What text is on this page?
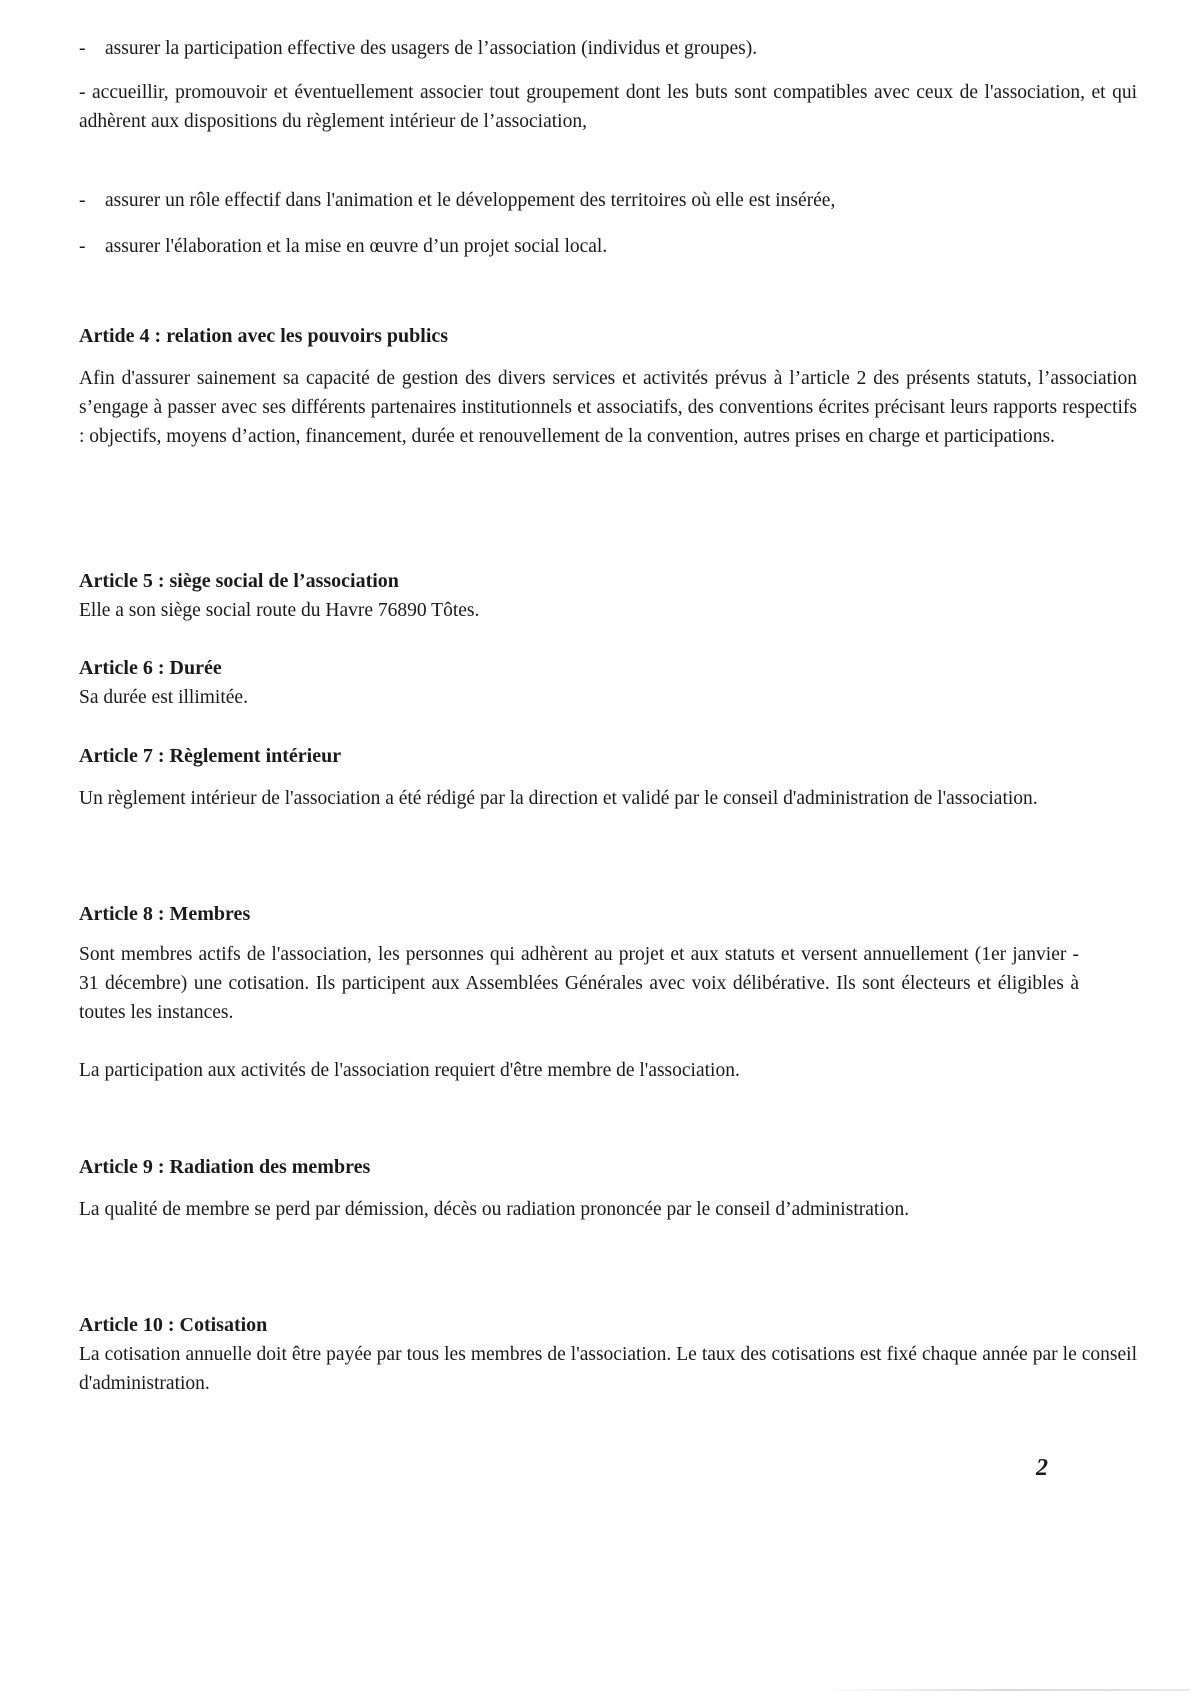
- assurer la participation effective des usagers de l’association (individus et groupes).
- accueillir, promouvoir et éventuellement associer tout groupement dont les buts sont compatibles avec ceux de l'association, et qui adhèrent aux dispositions du règlement intérieur de l’association,
- assurer un rôle effectif dans l'animation et le développement des territoires où elle est insérée,
- assurer l'élaboration et la mise en œuvre d’un projet social local.
Artide 4 : relation avec les pouvoirs publics
Afin d'assurer sainement sa capacité de gestion des divers services et activités prévus à l’article 2 des présents statuts, l’association s’engage à passer avec ses différents partenaires institutionnels et associatifs, des conventions écrites précisant leurs rapports respectifs : objectifs, moyens d’action, financement, durée et renouvellement de la convention, autres prises en charge et participations.
Article 5 : siège social de l’association
Elle a son siège social route du Havre 76890 Tôtes.
Article 6 : Durée
Sa durée est illimitée.
Article 7 : Règlement intérieur
Un règlement intérieur de l'association a été rédigé par la direction et validé par le conseil d'administration de l'association.
Article 8 : Membres
Sont membres actifs de l'association, les personnes qui adhèrent au projet et aux statuts et versent annuellement (1er janvier - 31 décembre) une cotisation. Ils participent aux Assemblées Générales avec voix délibérative. Ils sont électeurs et éligibles à toutes les instances.
La participation aux activités de l'association requiert d'être membre de l'association.
Article 9 : Radiation des membres
La qualité de membre se perd par démission, décès ou radiation prononcée par le conseil d’administration.
Article 10 : Cotisation
La cotisation annuelle doit être payée par tous les membres de l'association. Le taux des cotisations est fixé chaque année par le conseil d'administration.
2
